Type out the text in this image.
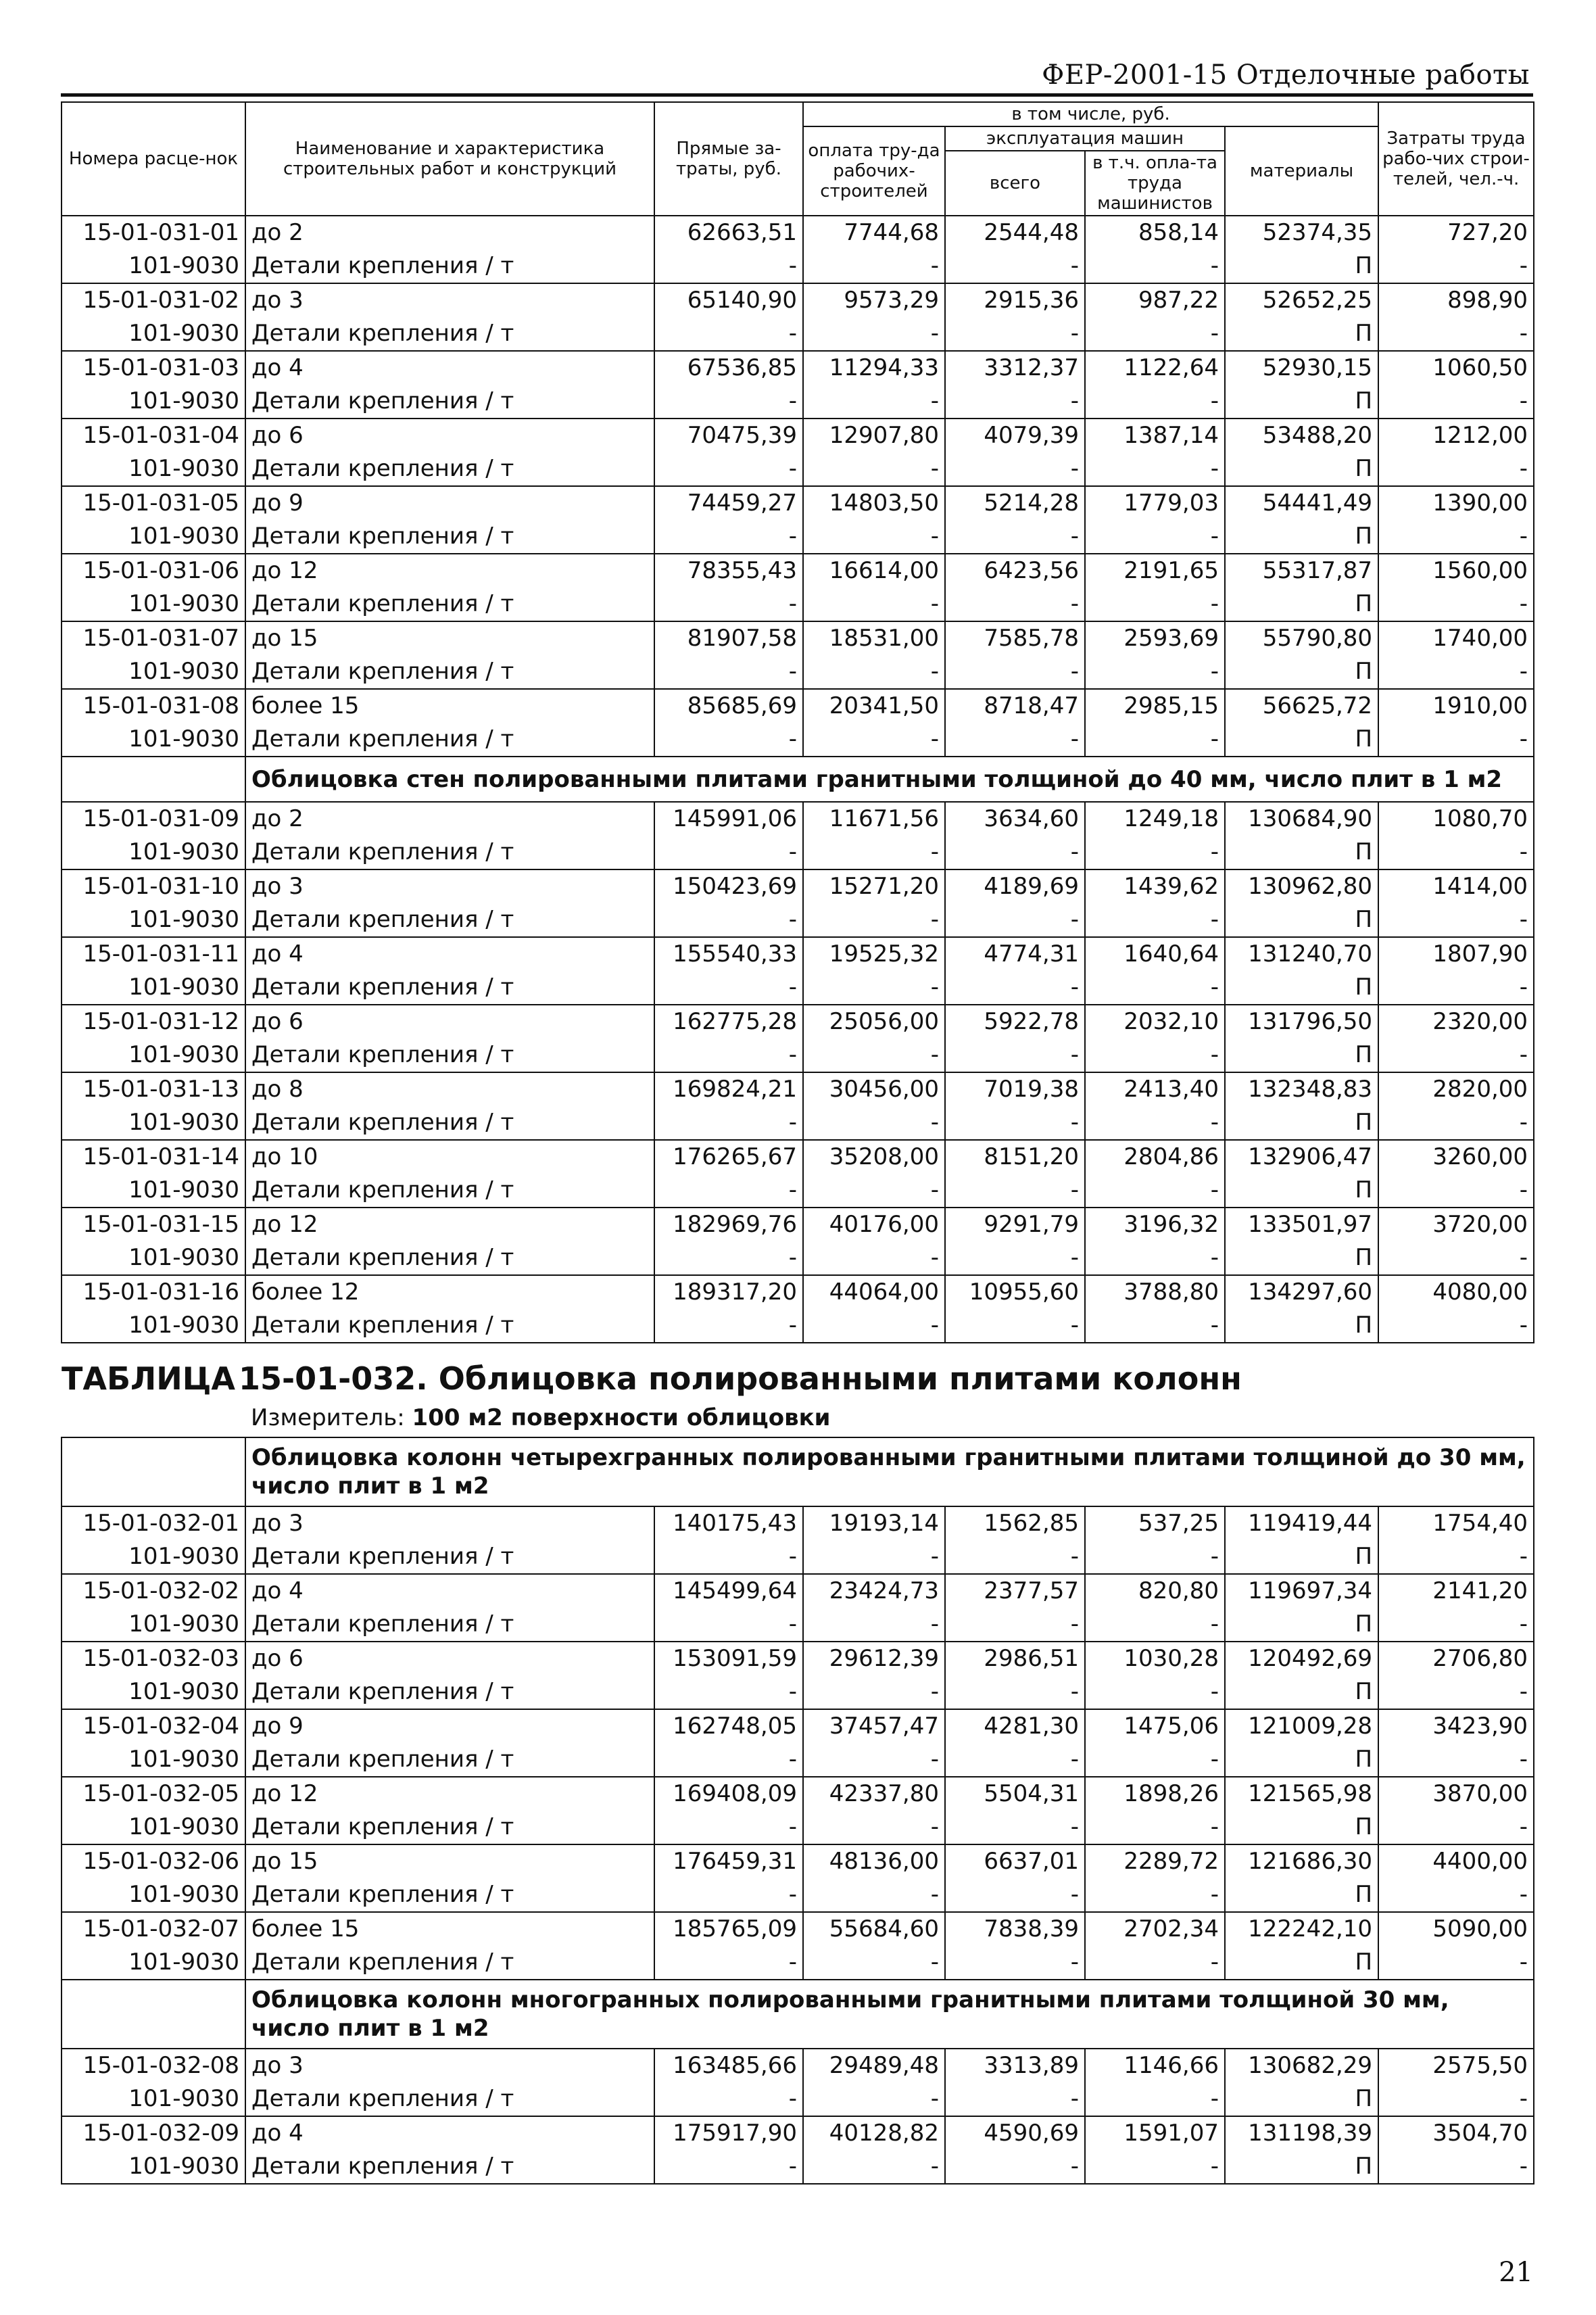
ФЕР-2001-15 Отделочные работы
Номера расце-нок	Наименование и характеристика строительных работ и конструкций	Прямые за-траты, руб.	в том числе, руб.				Затраты труда рабо-чих строи-телей, чел.-ч.
			оплата тру-да рабочих-строителей	эксплуатация машин		материалы	
				всего	в т.ч. опла-та труда машинистов		
15-01-031-01	до 2	62663,51	7744,68	2544,48	858,14	52374,35	727,20
101-9030	Детали крепления / т	-	-	-	-	П	-
15-01-031-02	до 3	65140,90	9573,29	2915,36	987,22	52652,25	898,90
101-9030	Детали крепления / т	-	-	-	-	П	-
15-01-031-03	до 4	67536,85	11294,33	3312,37	1122,64	52930,15	1060,50
101-9030	Детали крепления / т	-	-	-	-	П	-
15-01-031-04	до 6	70475,39	12907,80	4079,39	1387,14	53488,20	1212,00
101-9030	Детали крепления / т	-	-	-	-	П	-
15-01-031-05	до 9	74459,27	14803,50	5214,28	1779,03	54441,49	1390,00
101-9030	Детали крепления / т	-	-	-	-	П	-
15-01-031-06	до 12	78355,43	16614,00	6423,56	2191,65	55317,87	1560,00
101-9030	Детали крепления / т	-	-	-	-	П	-
15-01-031-07	до 15	81907,58	18531,00	7585,78	2593,69	55790,80	1740,00
101-9030	Детали крепления / т	-	-	-	-	П	-
15-01-031-08	более 15	85685,69	20341,50	8718,47	2985,15	56625,72	1910,00
101-9030	Детали крепления / т	-	-	-	-	П	-
	Облицовка стен полированными плитами гранитными толщиной до 40 мм, число плит в 1 м2						
15-01-031-09	до 2	145991,06	11671,56	3634,60	1249,18	130684,90	1080,70
101-9030	Детали крепления / т	-	-	-	-	П	-
15-01-031-10	до 3	150423,69	15271,20	4189,69	1439,62	130962,80	1414,00
101-9030	Детали крепления / т	-	-	-	-	П	-
15-01-031-11	до 4	155540,33	19525,32	4774,31	1640,64	131240,70	1807,90
101-9030	Детали крепления / т	-	-	-	-	П	-
15-01-031-12	до 6	162775,28	25056,00	5922,78	2032,10	131796,50	2320,00
101-9030	Детали крепления / т	-	-	-	-	П	-
15-01-031-13	до 8	169824,21	30456,00	7019,38	2413,40	132348,83	2820,00
101-9030	Детали крепления / т	-	-	-	-	П	-
15-01-031-14	до 10	176265,67	35208,00	8151,20	2804,86	132906,47	3260,00
101-9030	Детали крепления / т	-	-	-	-	П	-
15-01-031-15	до 12	182969,76	40176,00	9291,79	3196,32	133501,97	3720,00
101-9030	Детали крепления / т	-	-	-	-	П	-
15-01-031-16	более 12	189317,20	44064,00	10955,60	3788,80	134297,60	4080,00
101-9030	Детали крепления / т	-	-	-	-	П	-

ТАБЛИЦА 15-01-032. Облицовка полированными плитами колонн							

	Измеритель: 100 м2 поверхности облицовки						
	Облицовка колонн четырехгранных полированными гранитными плитами толщиной до 30 мм, число плит в 1 м2						
15-01-032-01	до 3	140175,43	19193,14	1562,85	537,25	119419,44	1754,40
101-9030	Детали крепления / т	-	-	-	-	П	-
15-01-032-02	до 4	145499,64	23424,73	2377,57	820,80	119697,34	2141,20
101-9030	Детали крепления / т	-	-	-	-	П	-
15-01-032-03	до 6	153091,59	29612,39	2986,51	1030,28	120492,69	2706,80
101-9030	Детали крепления / т	-	-	-	-	П	-
15-01-032-04	до 9	162748,05	37457,47	4281,30	1475,06	121009,28	3423,90
101-9030	Детали крепления / т	-	-	-	-	П	-
15-01-032-05	до 12	169408,09	42337,80	5504,31	1898,26	121565,98	3870,00
101-9030	Детали крепления / т	-	-	-	-	П	-
15-01-032-06	до 15	176459,31	48136,00	6637,01	2289,72	121686,30	4400,00
101-9030	Детали крепления / т	-	-	-	-	П	-
15-01-032-07	более 15	185765,09	55684,60	7838,39	2702,34	122242,10	5090,00
101-9030	Детали крепления / т	-	-	-	-	П	-
	Облицовка колонн многогранных полированными гранитными плитами толщиной 30 мм, число плит в 1 м2						
15-01-032-08	до 3	163485,66	29489,48	3313,89	1146,66	130682,29	2575,50
101-9030	Детали крепления / т	-	-	-	-	П	-
15-01-032-09	до 4	175917,90	40128,82	4590,69	1591,07	131198,39	3504,70
101-9030	Детали крепления / т	-	-	-	-	П	-
21
